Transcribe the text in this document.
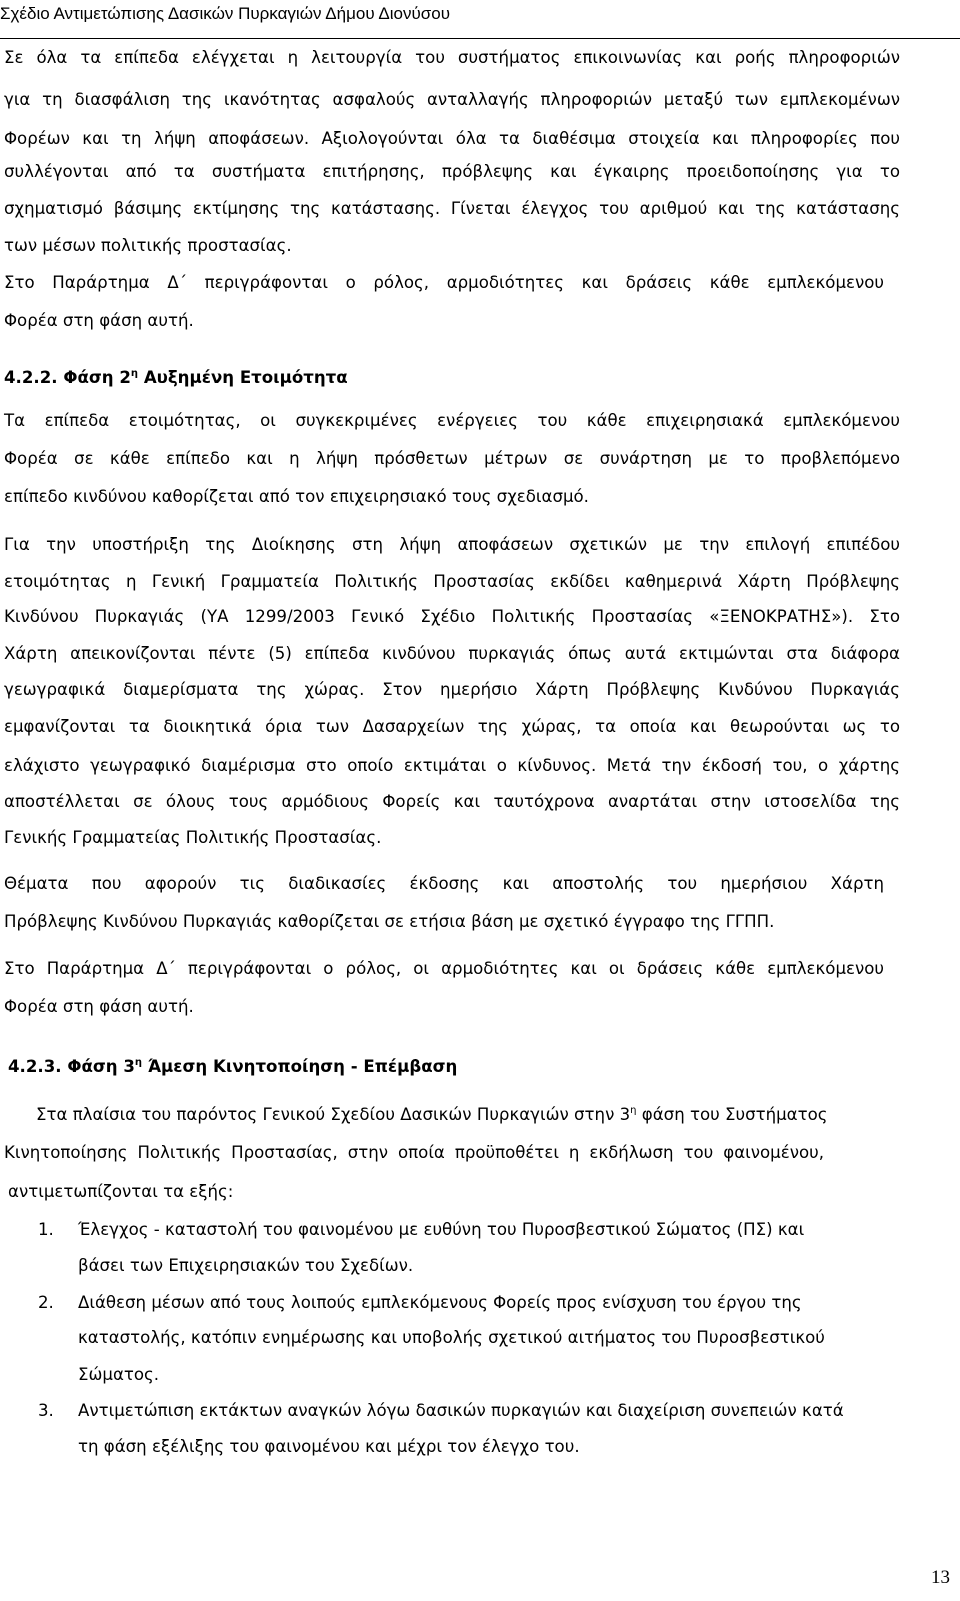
Σχέδιο Αντιμετώπισης Δασικών Πυρκαγιών Δήμου Διονύσου
Σε όλα τα επίπεδα ελέγχεται η λειτουργία του συστήματος επικοινωνίας και ροής πληροφοριών
για τη διασφάλιση της ικανότητας ασφαλούς ανταλλαγής πληροφοριών μεταξύ των εμπλεκομένων
Φορέων και τη λήψη αποφάσεων. Αξιολογούνται όλα τα διαθέσιμα στοιχεία και πληροφορίες που
συλλέγονται από τα συστήματα επιτήρησης, πρόβλεψης και έγκαιρης προειδοποίησης για το
σχηματισμό βάσιμης εκτίμησης της κατάστασης. Γίνεται έλεγχος του αριθμού και της κατάστασης
των μέσων πολιτικής προστασίας.
Στο Παράρτημα Δ΄ περιγράφονται ο ρόλος, αρμοδιότητες και δράσεις κάθε εμπλεκόμενου
Φορέα στη φάση αυτή.
4.2.2. Φάση $2^\eta$ Αυξημένη Ετοιμότητα
Τα επίπεδα ετοιμότητας, οι συγκεκριμένες ενέργειες του κάθε επιχειρησιακά εμπλεκόμενου
Φορέα σε κάθε επίπεδο και η λήψη πρόσθετων μέτρων σε συνάρτηση με το προβλεπόμενο
επίπεδο κινδύνου καθορίζεται από τον επιχειρησιακό τους σχεδιασμό.
Για την υποστήριξη της Διοίκησης στη λήψη αποφάσεων σχετικών με την επιλογή επιπέδου
ετοιμότητας η Γενική Γραμματεία Πολιτικής Προστασίας εκδίδει καθημερινά Χάρτη Πρόβλεψης
Κινδύνου Πυρκαγιάς (ΥΑ 1299/2003 Γενικό Σχέδιο Πολιτικής Προστασίας «ΞΕΝΟΚΡΑΤΗΣ»). Στο
Χάρτη απεικονίζονται πέντε (5) επίπεδα κινδύνου πυρκαγιάς όπως αυτά εκτιμώνται στα διάφορα
γεωγραφικά διαμερίσματα της χώρας. Στον ημερήσιο Χάρτη Πρόβλεψης Κινδύνου Πυρκαγιάς
εμφανίζονται τα διοικητικά όρια των Δασαρχείων της χώρας, τα οποία και θεωρούνται ως το
ελάχιστο γεωγραφικό διαμέρισμα στο οποίο εκτιμάται ο κίνδυνος. Μετά την έκδοσή του, ο χάρτης
αποστέλλεται σε όλους τους αρμόδιους Φορείς και ταυτόχρονα αναρτάται στην ιστοσελίδα της
Γενικής Γραμματείας Πολιτικής Προστασίας.
Θέματα που αφορούν τις διαδικασίες έκδοσης και αποστολής του ημερήσιου Χάρτη
Πρόβλεψης Κινδύνου Πυρκαγιάς καθορίζεται σε ετήσια βάση με σχετικό έγγραφο της ΓΓΠΠ.
Στο Παράρτημα Δ΄ περιγράφονται ο ρόλος, οι αρμοδιότητες και οι δράσεις κάθε εμπλεκόμενου
Φορέα στη φάση αυτή.
4.2.3. Φάση $3^\eta$ Άμεση Κινητοποίηση - Επέμβαση
Στα πλαίσια του παρόντος Γενικού Σχεδίου Δασικών Πυρκαγιών στην $3^\eta$ φάση του Συστήματος
Κινητοποίησης Πολιτικής Προστασίας, στην οποία προϋποθέτει η εκδήλωση του φαινομένου,
αντιμετωπίζονται τα εξής:
1. Έλεγχος - καταστολή του φαινομένου με ευθύνη του Πυροσβεστικού Σώματος (ΠΣ) και
βάσει των Επιχειρησιακών του Σχεδίων.
2. Διάθεση μέσων από τους λοιπούς εμπλεκόμενους Φορείς προς ενίσχυση του έργου της
καταστολής, κατόπιν ενημέρωσης και υποβολής σχετικού αιτήματος του Πυροσβεστικού
Σώματος.
3. Αντιμετώπιση εκτάκτων αναγκών λόγω δασικών πυρκαγιών και διαχείριση συνεπειών κατά
τη φάση εξέλιξης του φαινομένου και μέχρι τον έλεγχο του.
13
